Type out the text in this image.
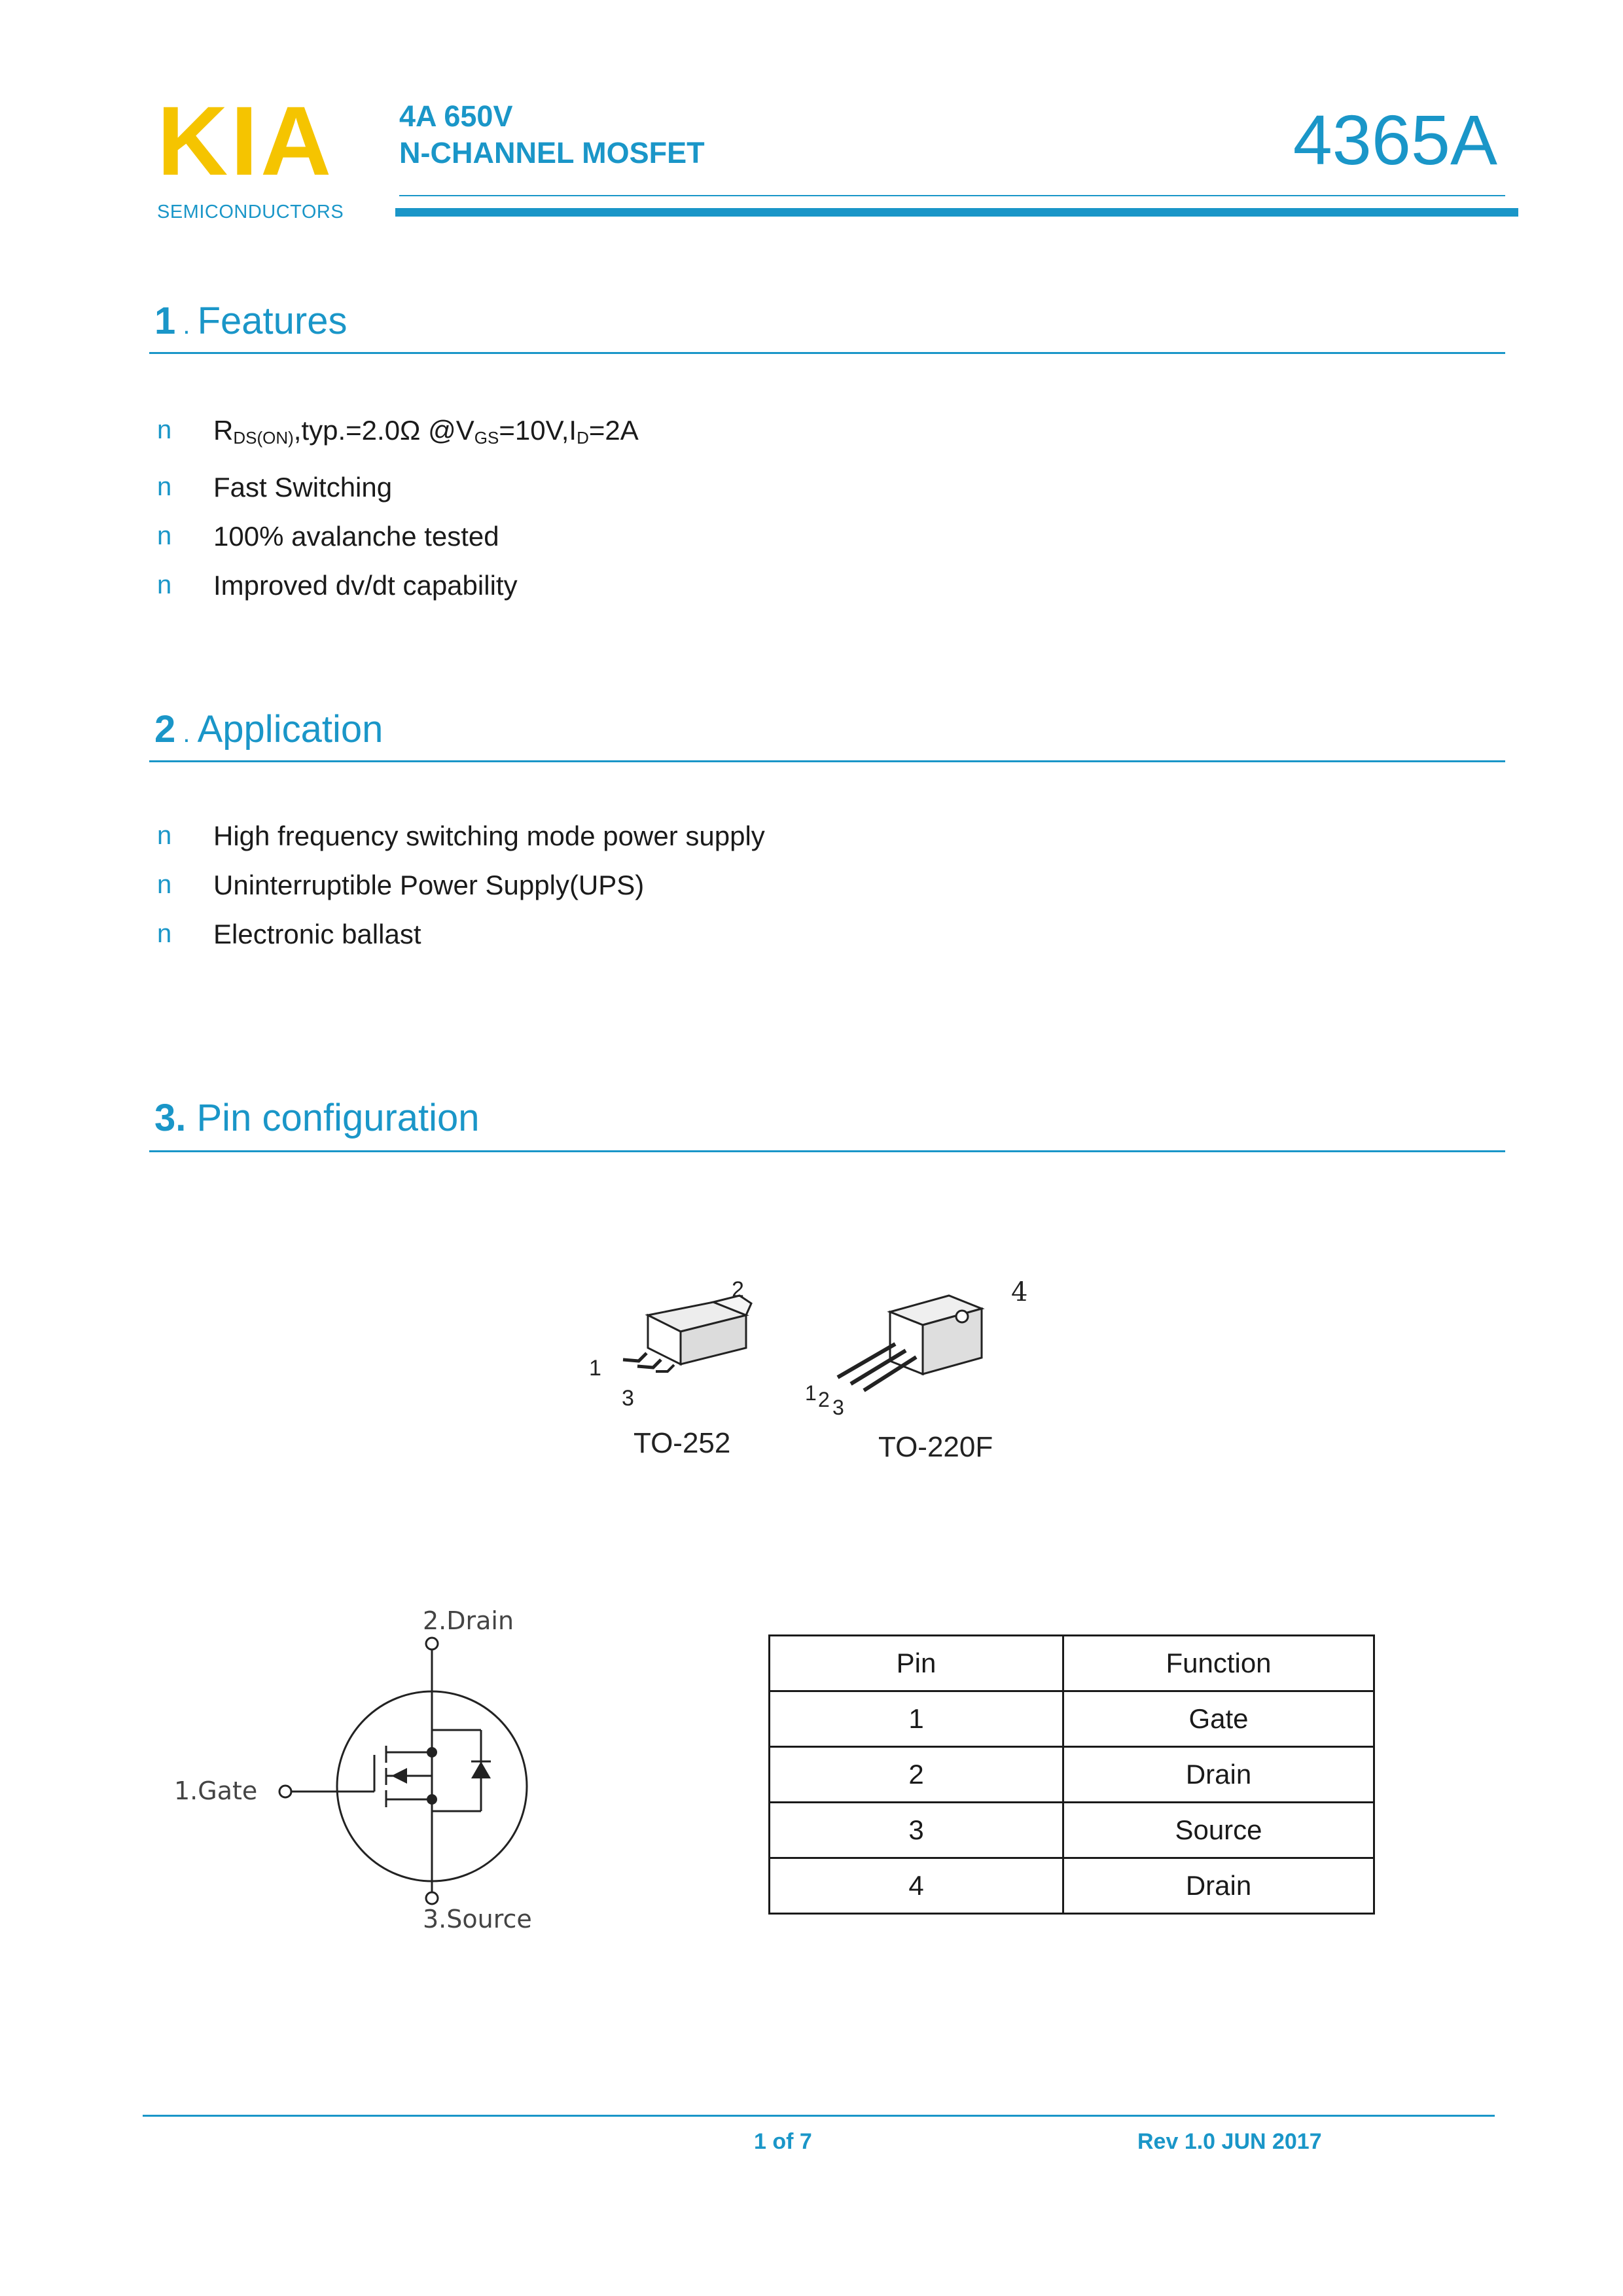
KIA
SEMICONDUCTORS
4A 650V
N-CHANNEL MOSFET	4365A
1 . Features
n $R_{DS(ON)},typ.=2.0\Omega$ $@V_{GS}=10V,I_D=2A$
n Fast Switching
n 100% avalanche tested
n Improved dv/dt capability
2 . Application
n High frequency switching mode power supply
n Uninterruptible Power Supply(UPS)
n Electronic ballast
3. Pin configuration
2
1
3
TO-252
4
1 2 3
TO-220F
2.Drain
1.Gate
3.Source
Pin	Function
1	Gate
2	Drain
3	Source
4	Drain
1 of 7	Rev 1.0 JUN 2017
